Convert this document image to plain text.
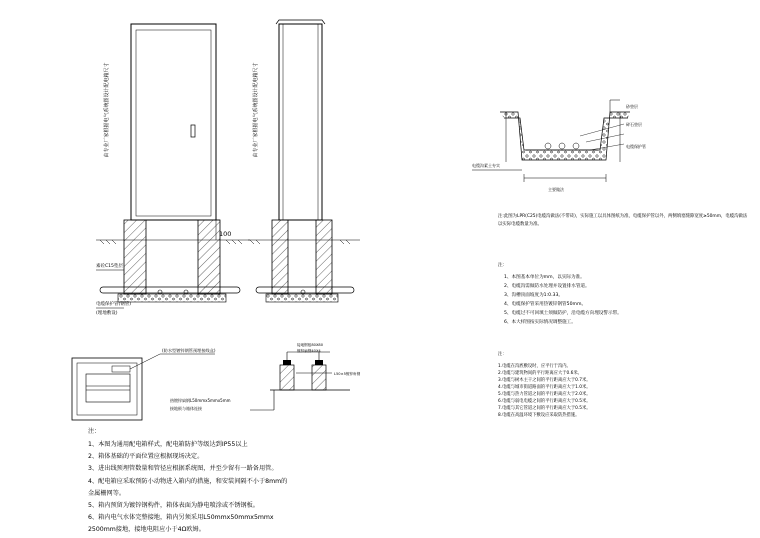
100
素砼C15垫层
电缆保护管(钢管)
(埋地敷设)
由专业厂家根据电气系统图设计配电箱尺寸	由专业厂家根据电气系统图设计配电箱尺寸
(防水型镀锌钢管预埋接线盒)
接地钢板80X80
镀锌扁钢40X4
L50×5镀锌角钢
热镀锌扁钢L50mmx5mmx5mm
接地极与箱体连接
砂垫层
碎石垫层
电缆保护管
电缆沟素土夯实
主要做法
注:此图为LPR(C25)电缆沟做法(不带砖)，实际施工以具体图纸为准，电缆保护管以外，两侧填塞缝隙宽度≥50mm，电缆沟做法以实际电缆数量为准。
注：
1、本图基本单位为mm，以实际为准。
2、电缆沟需做防水处理并设置排水管道。
3、沟槽顶面坡度为1:0.33。
4、电缆保护管采用热镀锌钢管50mm。
5、电缆过不可回填土须做防护，沿电缆方向埋设警示带。
6、本大样图按实际情况调整施工。
注：
1.电缆在沟底敷设时，应平行于沟内。
2.电缆与建筑物间的平行距离应大于0.6米。
3.电缆与树木主干之间的平行距离应大于0.7米。
4.电缆与城市街道路面的平行距离应大于1.0米。
5.电缆与热力管道之间的平行距离应大于2.0米。
6.电缆与弱电电缆之间的平行距离应大于0.5米。
7.电缆与其它管道之间的平行距离应大于0.5米。
8.电缆在高温环境下敷设应采取防热措施。
注：
1、本图为通用配电箱样式，配电箱防护等级达到IP55以上
2、箱体基础的平面位置应根据现场决定。
3、进出线预埋管数量和管径应根据系统图，并至少留有一路备用管。
4、配电箱应采取预防小动物进入箱内的措施，和安装间隔不小于8mm的
金属栅网等。
5、箱内预留为镀锌钢构件，箱体表面为静电喷涂或不锈钢板。
6、箱内电气水体完整接地，箱内另须采用L50mmx50mmx5mmx
2500mm接地，接地电阻应小于4Ω欧姆。
